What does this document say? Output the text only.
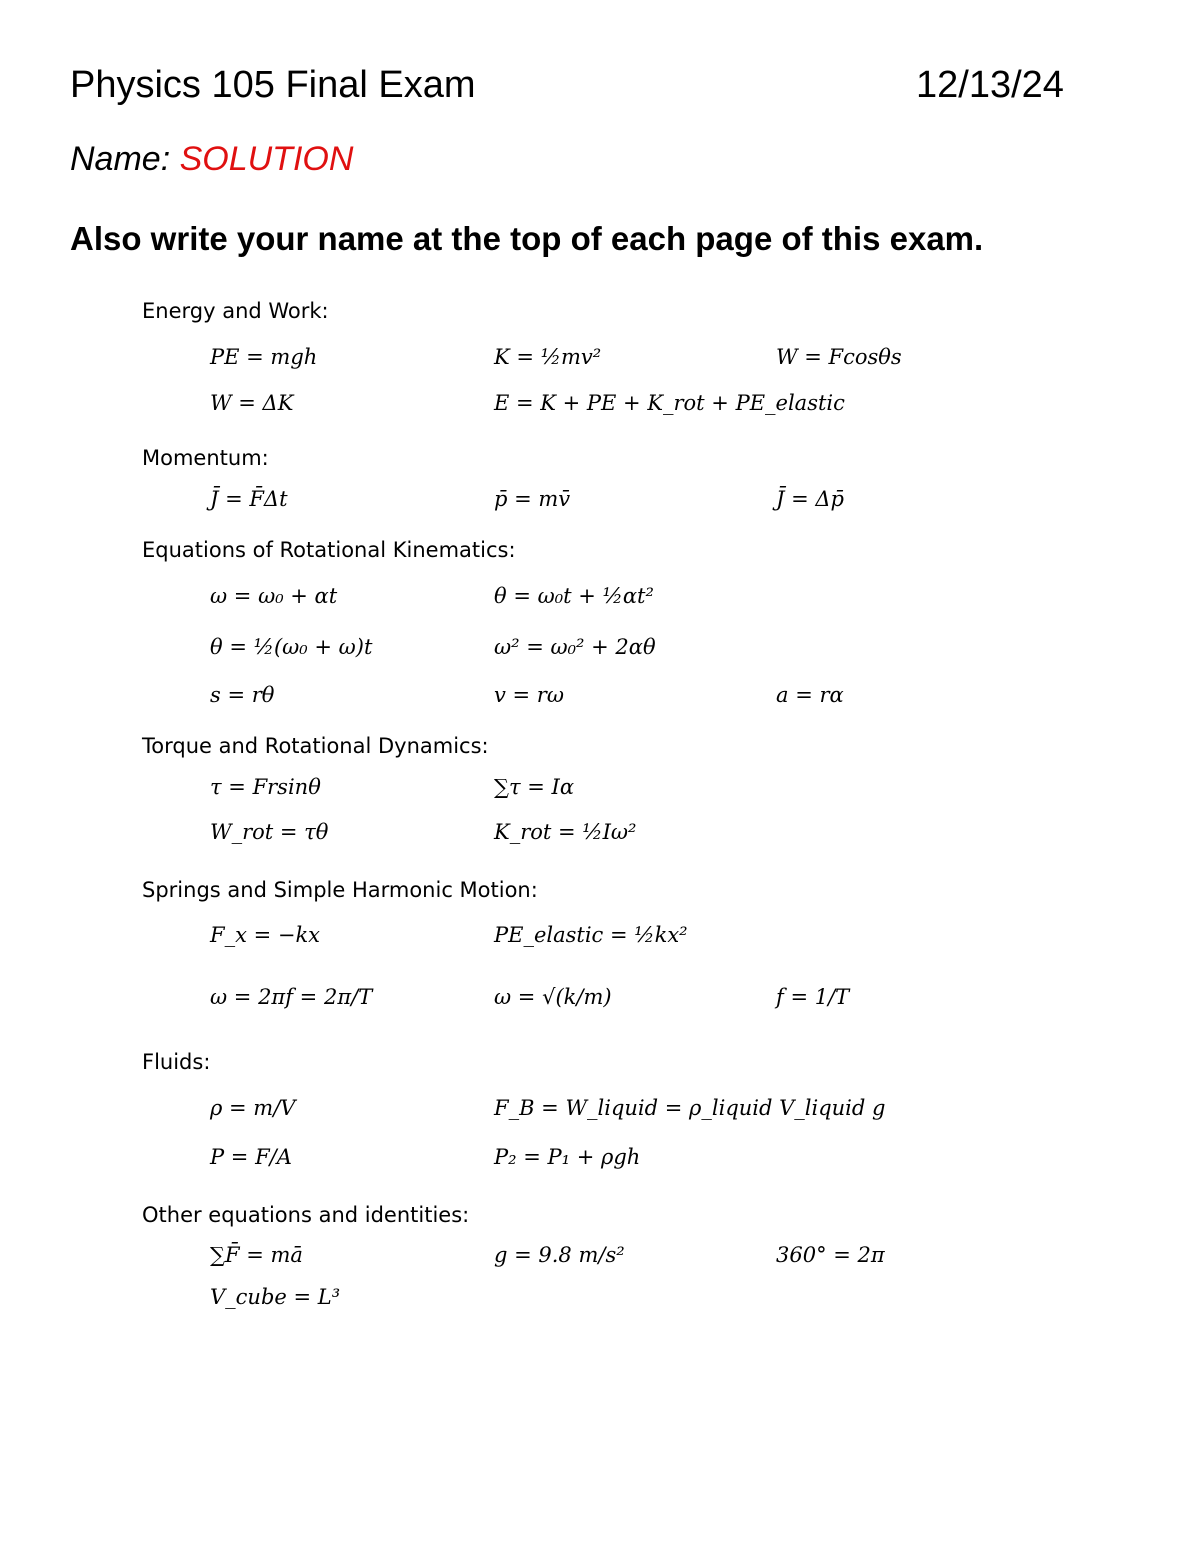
Physics 105 Final Exam	12/13/24
Name: SOLUTION
Also write your name at the top of each page of this exam.
Energy and Work:
PE = mgh	K = ½mv²	W = Fcosθs
W = ΔK	E = K + PE + K_rot + PE_elastic
Momentum:
J̄ = F̄Δt	p̄ = mv̄	J̄ = Δp̄
Equations of Rotational Kinematics:
ω = ω₀ + αt	θ = ω₀t + ½αt²
θ = ½(ω₀ + ω)t	ω² = ω₀² + 2αθ
s = rθ	v = rω	a = rα
Torque and Rotational Dynamics:
τ = Frsinθ	∑τ = Iα
W_rot = τθ	K_rot = ½Iω²
Springs and Simple Harmonic Motion:
F_x = −kx	PE_elastic = ½kx²
ω = 2πf = 2π/T	ω = √(k/m)	f = 1/T
Fluids:
ρ = m/V	F_B = W_liquid = ρ_liquid V_liquid g
P = F/A	P₂ = P₁ + ρgh
Other equations and identities:
∑F̄ = mā	g = 9.8 m/s²	360° = 2π
V_cube = L³
